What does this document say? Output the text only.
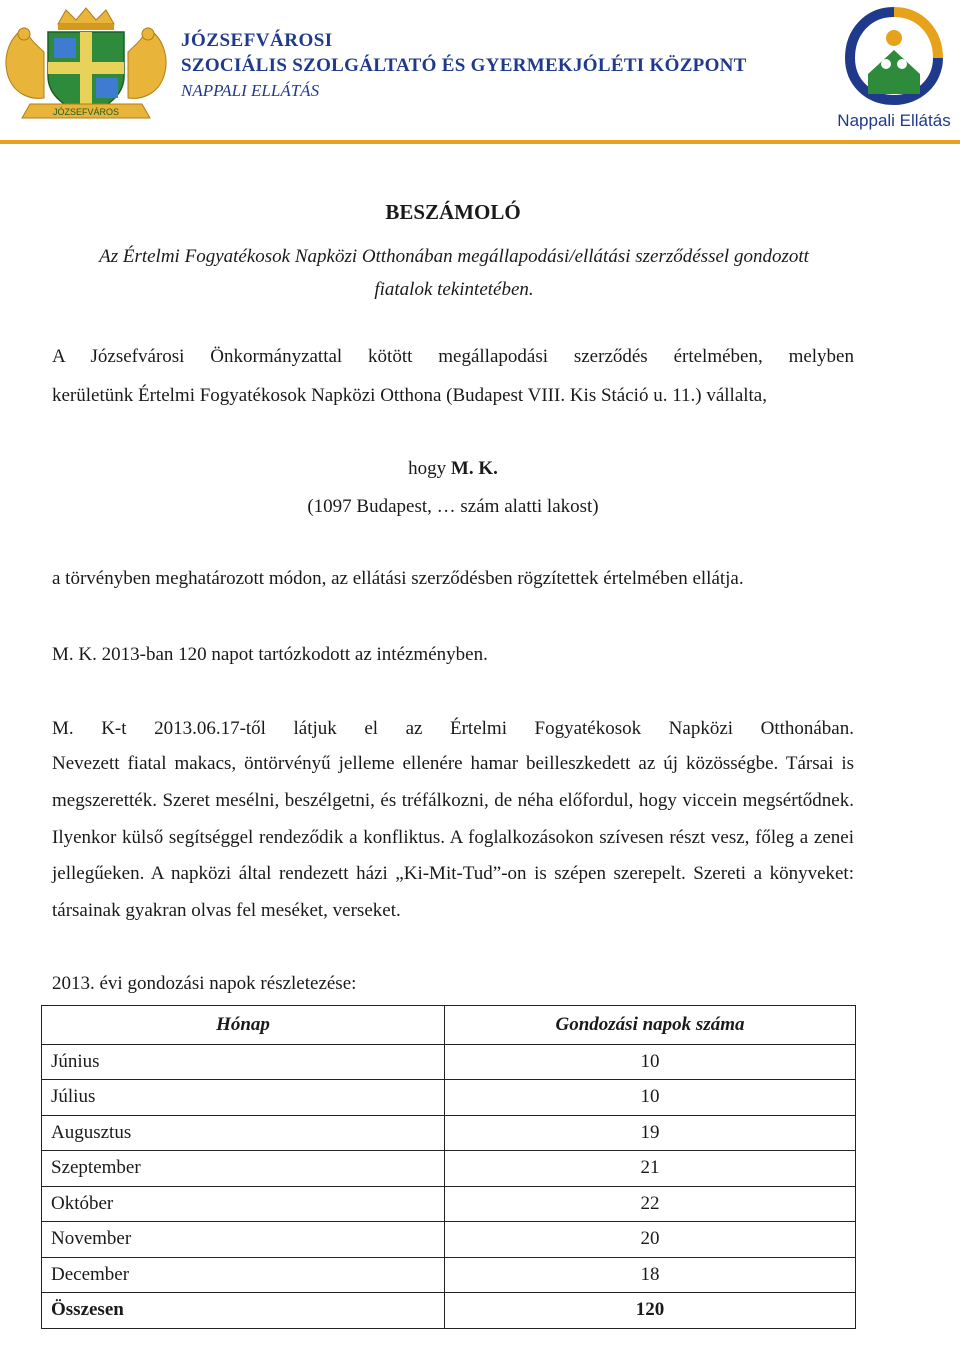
JÓZSEFVÁROS
JÓZSEFVÁROSI
SZOCIÁLIS SZOLGÁLTATÓ ÉS GYERMEKJÓLÉTI KÖZPONT
NAPPALI ELLÁTÁS
Nappali Ellátás
BESZÁMOLÓ
Az Értelmi Fogyatékosok Napközi Otthonában megállapodási/ellátási szerződéssel gondozott
fiatalok tekintetében.
A Józsefvárosi Önkormányzattal kötött megállapodási szerződés értelmében, melyben
kerületünk Értelmi Fogyatékosok Napközi Otthona (Budapest VIII. Kis Stáció u. 11.) vállalta,
hogy M. K.
(1097 Budapest, … szám alatti lakost)
a törvényben meghatározott módon, az ellátási szerződésben rögzítettek értelmében ellátja.
M. K. 2013-ban 120 napot tartózkodott az intézményben.
M. K-t 2013.06.17-től látjuk el az Értelmi Fogyatékosok Napközi Otthonában.
Nevezett fiatal makacs, öntörvényű jelleme ellenére hamar beilleszkedett az új közösségbe. Társai is megszerették. Szeret mesélni, beszélgetni, és tréfálkozni, de néha előfordul, hogy viccein megsértődnek. Ilyenkor külső segítséggel rendeződik a konfliktus. A foglalkozásokon szívesen részt vesz, főleg a zenei jellegűeken. A napközi által rendezett házi „Ki-Mit-Tud”-on is szépen szerepelt. Szereti a könyveket: társainak gyakran olvas fel meséket, verseket.
2013. évi gondozási napok részletezése:
Hónap	Gondozási napok száma
Június	10
Július	10
Augusztus	19
Szeptember	21
Október	22
November	20
December	18
Összesen	120
